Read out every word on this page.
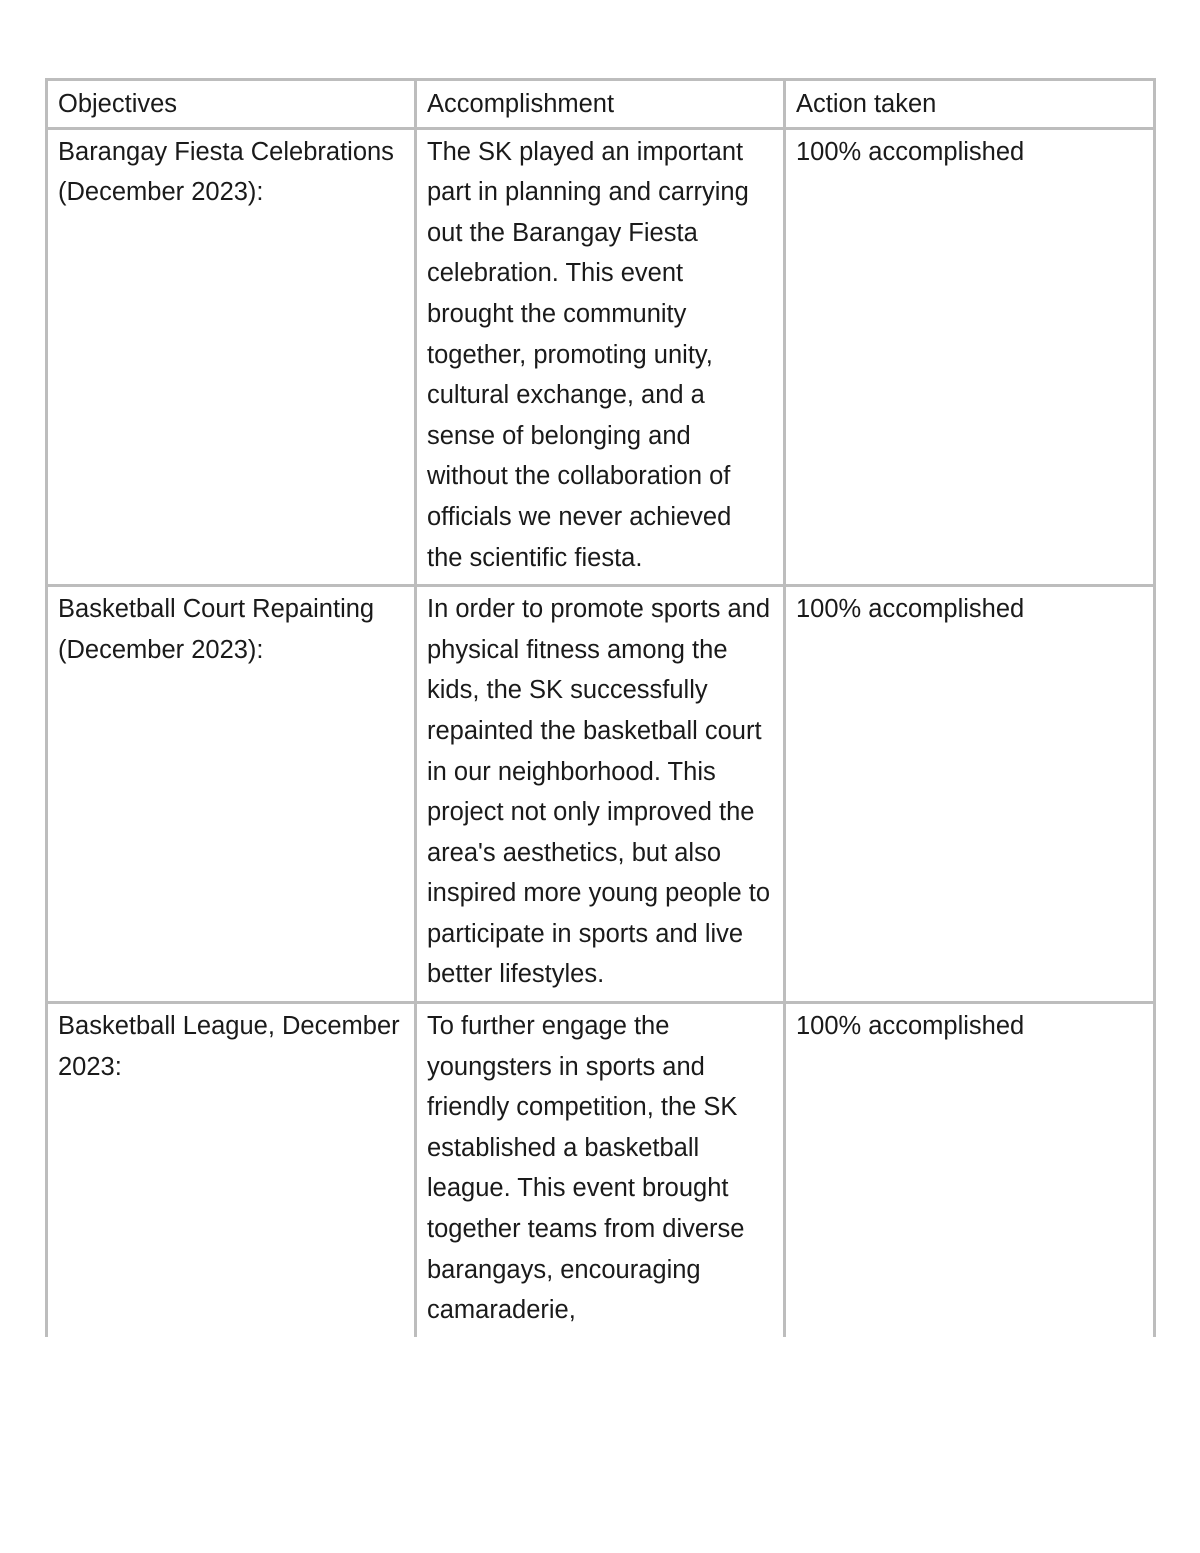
Objectives	Accomplishment	Action taken
Barangay Fiesta Celebrations (December 2023):	The SK played an important part in planning and carrying out the Barangay Fiesta celebration. This event brought the community together, promoting unity, cultural exchange, and a sense of belonging and without the collaboration of officials we never achieved the scientific fiesta.	100% accomplished
Basketball Court Repainting (December 2023):	In order to promote sports and physical fitness among the kids, the SK successfully repainted the basketball court in our neighborhood. This project not only improved the area's aesthetics, but also inspired more young people to participate in sports and live better lifestyles.	100% accomplished
Basketball League, December 2023:	To further engage the youngsters in sports and friendly competition, the SK established a basketball league. This event brought together teams from diverse barangays, encouraging camaraderie,	100% accomplished
